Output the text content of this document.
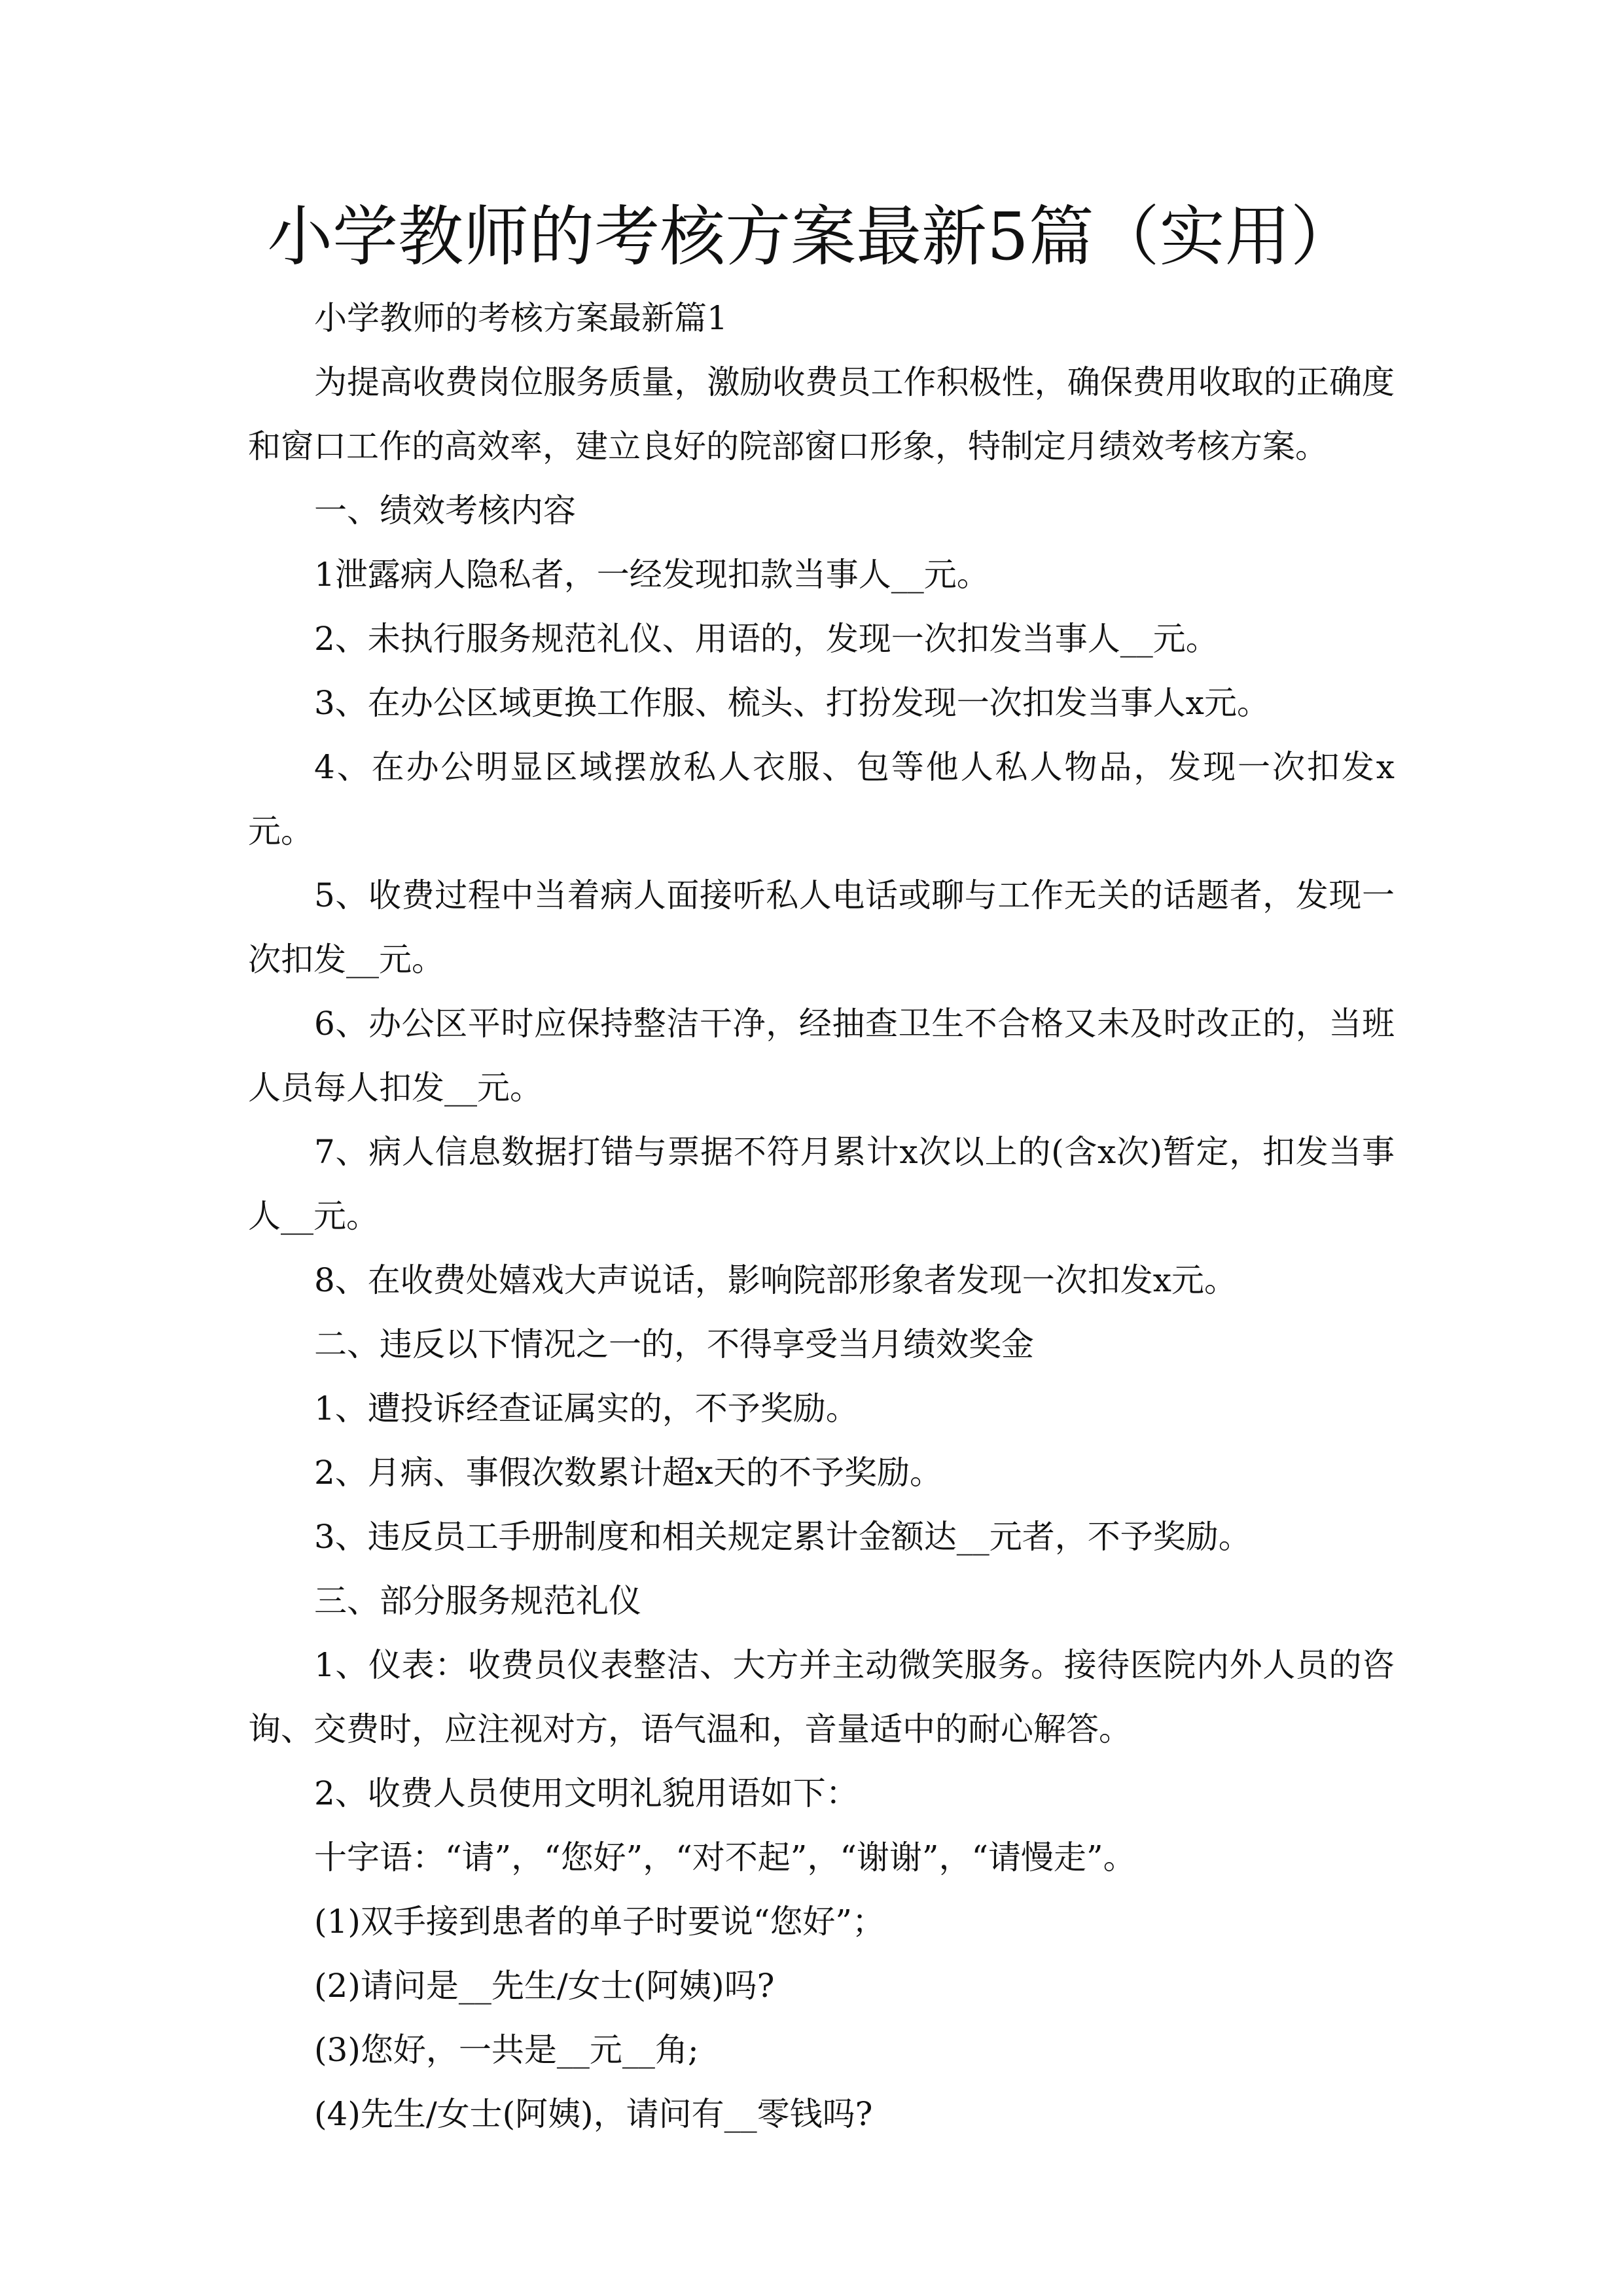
小学教师的考核方案最新5篇（实用）

小学教师的考核方案最新篇1

为提高收费岗位服务质量，激励收费员工作积极性，确保费用收取的正确度和窗口工作的高效率，建立良好的院部窗口形象，特制定月绩效考核方案。

一、绩效考核内容

1泄露病人隐私者，一经发现扣款当事人__元。

2、未执行服务规范礼仪、用语的，发现一次扣发当事人__元。

3、在办公区域更换工作服、梳头、打扮发现一次扣发当事人x元。

4、在办公明显区域摆放私人衣服、包等他人私人物品，发现一次扣发x元。

5、收费过程中当着病人面接听私人电话或聊与工作无关的话题者，发现一次扣发__元。

6、办公区平时应保持整洁干净，经抽查卫生不合格又未及时改正的，当班人员每人扣发__元。

7、病人信息数据打错与票据不符月累计x次以上的(含x次)暂定，扣发当事人__元。

8、在收费处嬉戏大声说话，影响院部形象者发现一次扣发x元。

二、违反以下情况之一的，不得享受当月绩效奖金

1、遭投诉经查证属实的，不予奖励。

2、月病、事假次数累计超x天的不予奖励。

3、违反员工手册制度和相关规定累计金额达__元者，不予奖励。

三、部分服务规范礼仪

1、仪表：收费员仪表整洁、大方并主动微笑服务。接待医院内外人员的咨询、交费时，应注视对方，语气温和，音量适中的耐心解答。

2、收费人员使用文明礼貌用语如下：

十字语：“请”，“您好”，“对不起”，“谢谢”，“请慢走”。

(1)双手接到患者的单子时要说“您好”；

(2)请问是__先生/女士(阿姨)吗?

(3)您好，一共是__元__角;

(4)先生/女士(阿姨)，请问有__零钱吗?
